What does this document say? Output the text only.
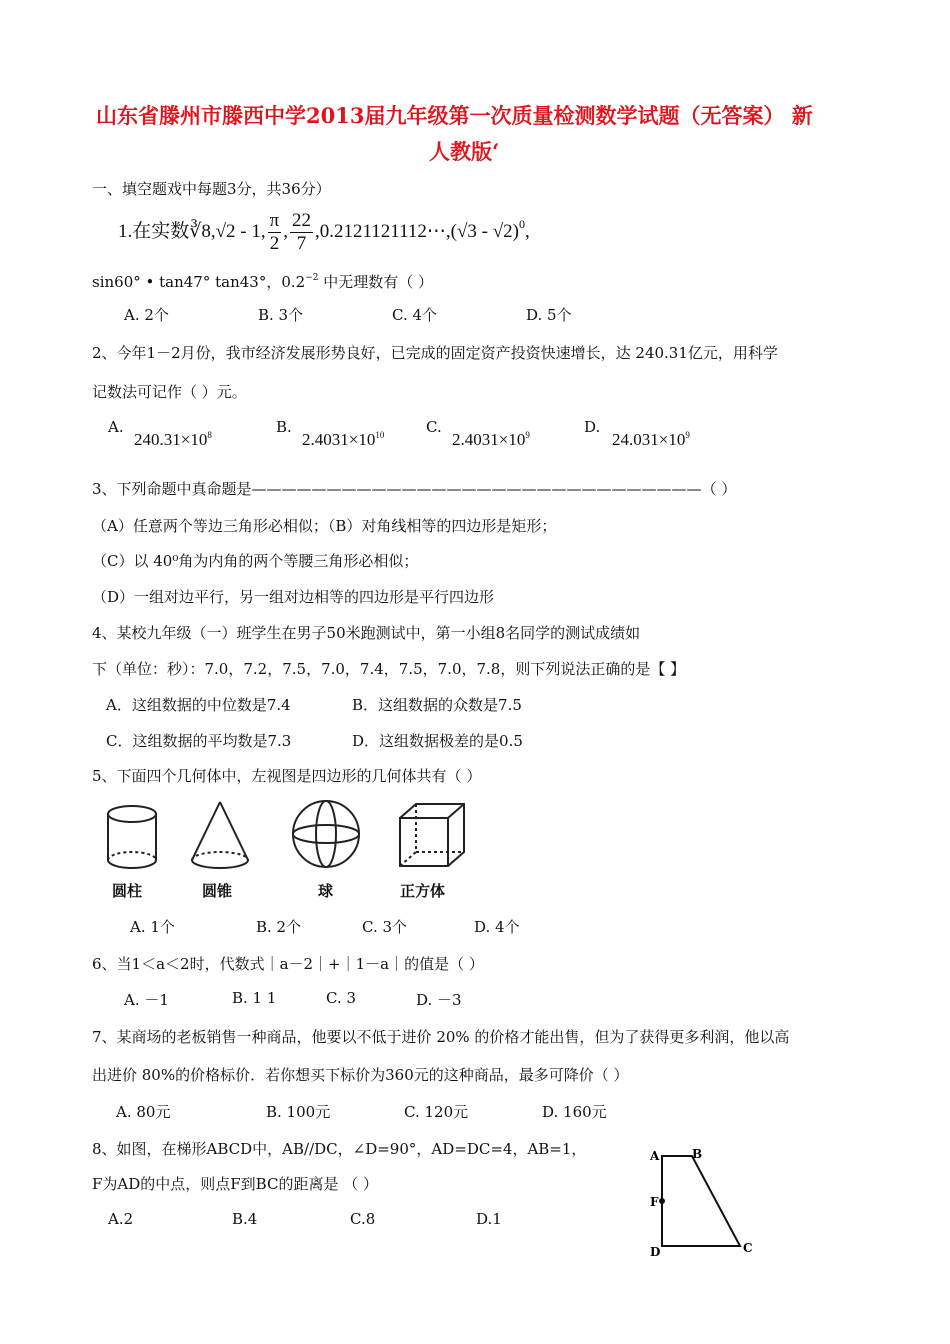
山东省滕州市滕西中学2013届九年级第一次质量检测数学试题（无答案） 新
人教版‘
一、填空题戏中每题3分，共36分）
1.在实数∛8,√2 - 1, $\frac{\pi}{2}$ , $\frac{22}{7}$ ,0.2121121112⋯,(√3 - √2)$^0$,
sin60° • tan47° tan43°，$0.2^{-2}$ 中无理数有（ ）
A. 2个	B. 3个	C. 4个	D. 5个
2、今年1－2月份，我市经济发展形势良好，已完成的固定资产投资快速增长，达 240.31亿元，用科学
记数法可记作（ ）元。
A.
$240.31\times 10^8$	B.
$2.4031\times 10^{10}$	C.
$2.4031\times 10^9$	D.
$24.031\times 10^9$
3、下列命题中真命题是——————————————————————————————（ ）
（A）任意两个等边三角形必相似；（B）对角线相等的四边形是矩形；
（C）以 40⁰角为内角的两个等腰三角形必相似；
（D）一组对边平行，另一组对边相等的四边形是平行四边形
4、某校九年级（一）班学生在男子50米跑测试中，第一小组8名同学的测试成绩如
下（单位：秒）：7.0，7.2，7.5，7.0，7.4，7.5，7.0，7.8，则下列说法正确的是【 】
A．这组数据的中位数是7.4	B．这组数据的众数是7.5
C．这组数据的平均数是7.3	D．这组数据极差的是0.5
5、下面四个几何体中，左视图是四边形的几何体共有（ ）
圆柱	圆锥	球	正方体
A. 1个	B. 2个	C. 3个	D. 4个
6、当1＜a＜2时，代数式｜a－2｜+｜1－a｜的值是（ ）
A. －1	B. 1 1	C. 3	D. －3
7、某商场的老板销售一种商品，他要以不低于进价 20% 的价格才能出售，但为了获得更多利润，他以高
出进价 80%的价格标价．若你想买下标价为360元的这种商品，最多可降价（ ）
A. 80元	B. 100元	C. 120元	D. 160元
8、如图，在梯形ABCD中，AB//DC，∠D=90°，AD=DC=4，AB=1，
F为AD的中点，则点F到BC的距离是 （ ）
A.2	B.4	C.8	D.1
A	B
F
D	C
